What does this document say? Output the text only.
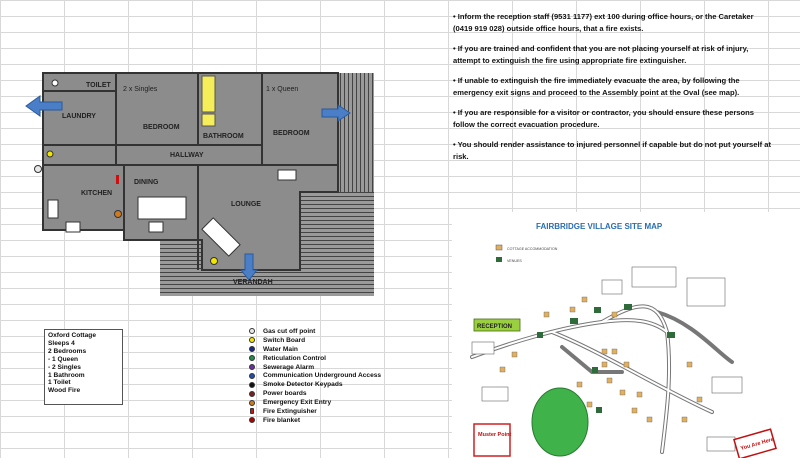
TOILET
LAUNDRY
2 x Singles
BEDROOM
BATHROOM
1 x Queen
BEDROOM
HALLWAY
KITCHEN
DINING
LOUNGE
VERANDAH
Oxford Cottage
Sleeps 4
2 Bedrooms
- 1 Queen
- 2 Singles
1 Bathroom
1 Toilet
Wood Fire
Gas cut off point
Switch Board
Water Main
Reticulation Control
Sewerage Alarm
Communication Underground Access
Smoke Detector Keypads
Power boards
Emergency Exit Entry
Fire Extinguisher
Fire blanket

• Inform the reception staff (9531 1177) ext 100 during office hours, or the Caretaker (0419 919 028) outside office hours, that a fire exists.

• If you are trained and confident that you are not placing yourself at risk of injury, attempt to extinguish the fire using appropriate fire extinguisher.

• If unable to extinguish the fire immediately evacuate the area, by following the emergency exit signs and proceed to the Assembly point at the Oval (see map).

• If you are responsible for a visitor or contractor, you should ensure these persons follow the correct evacuation procedure.

• You should render assistance to injured personnel if capable but do not put yourself at risk.

FAIRBRIDGE VILLAGE SITE MAP
COTTAGE ACCOMMODATION
VENUES
RECEPTION
Muster Point
You Are Here
